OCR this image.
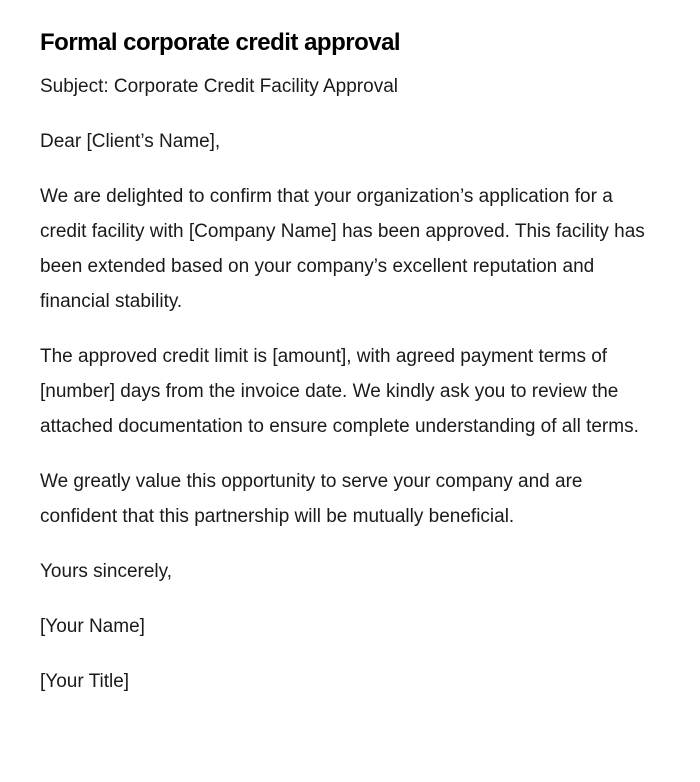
Formal corporate credit approval

Subject: Corporate Credit Facility Approval

Dear [Client’s Name],

We are delighted to confirm that your organization’s application for a credit facility with [Company Name] has been approved. This facility has been extended based on your company’s excellent reputation and financial stability.

The approved credit limit is [amount], with agreed payment terms of [number] days from the invoice date. We kindly ask you to review the attached documentation to ensure complete understanding of all terms.

We greatly value this opportunity to serve your company and are confident that this partnership will be mutually beneficial.

Yours sincerely,

[Your Name]

[Your Title]
